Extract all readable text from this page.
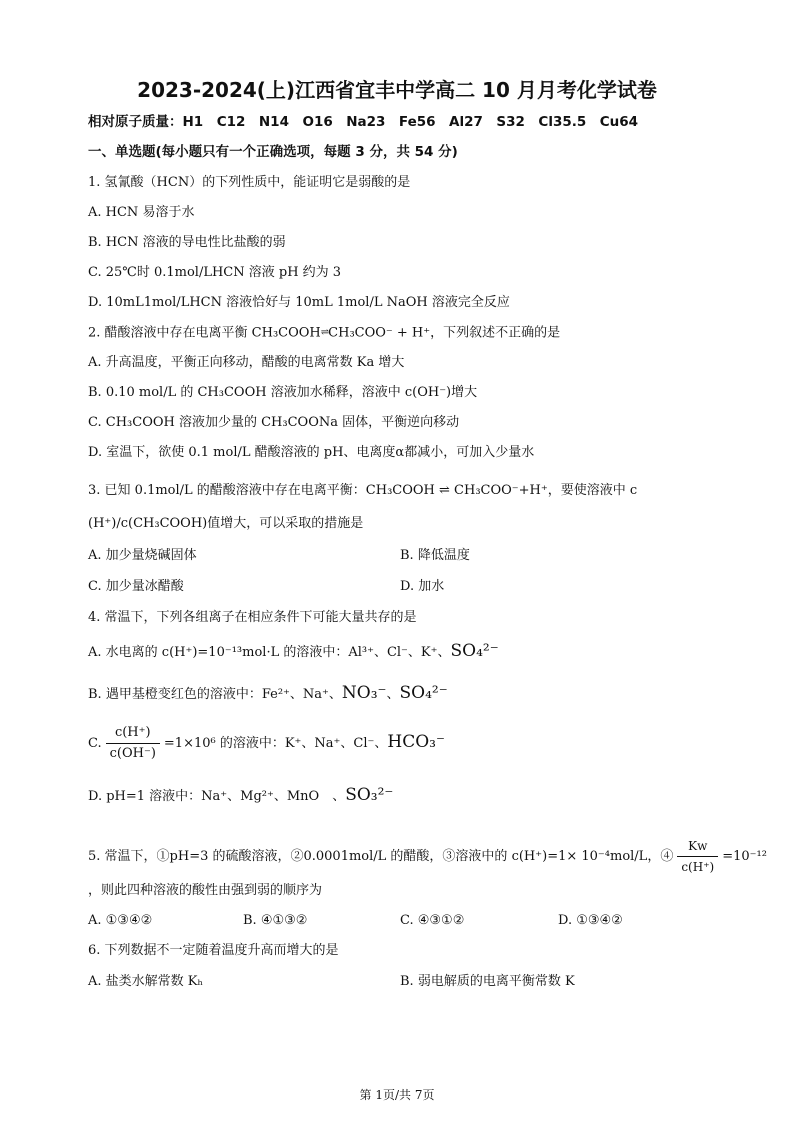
2023-2024(上)江西省宜丰中学高二 10 月月考化学试卷
相对原子质量：H1　C12　N14　O16　Na23　Fe56　Al27　S32　Cl35.5　Cu64
一、单选题(每小题只有一个正确选项，每题 3 分，共 54 分)
1. 氢氰酸（HCN）的下列性质中，能证明它是弱酸的是
A. HCN 易溶于水
B. HCN 溶液的导电性比盐酸的弱
C. 25℃时 0.1mol/LHCN 溶液 pH 约为 3
D. 10mL1mol/LHCN 溶液恰好与 10mL 1mol/L NaOH 溶液完全反应
2. 醋酸溶液中存在电离平衡 CH₃COOH⇌CH₃COO⁻ + H⁺，下列叙述不正确的是
A. 升高温度，平衡正向移动，醋酸的电离常数 Ka 增大
B. 0.10 mol/L 的 CH₃COOH 溶液加水稀释，溶液中 c(OH⁻)增大
C. CH₃COOH 溶液加少量的 CH₃COONa 固体，平衡逆向移动
D. 室温下，欲使 0.1 mol/L 醋酸溶液的 pH、电离度α都减小，可加入少量水
3. 已知 0.1mol/L 的醋酸溶液中存在电离平衡：CH₃COOH ⇌ CH₃COO⁻+H⁺，要使溶液中 c
(H⁺)/c(CH₃COOH)值增大，可以采取的措施是
A. 加少量烧碱固体	B. 降低温度
C. 加少量冰醋酸	D. 加水
4. 常温下，下列各组离子在相应条件下可能大量共存的是
A. 水电离的 c(H⁺)=10⁻¹³mol·L 的溶液中：Al³⁺、Cl⁻、K⁺、SO₄²⁻
B. 遇甲基橙变红色的溶液中：Fe²⁺、Na⁺、NO₃⁻、SO₄²⁻
C. $\frac{c(H^+)}{c(OH^-)} =1\times 10^6$ 的溶液中：K⁺、Na⁺、Cl⁻、HCO₃⁻
D. pH=1 溶液中：Na⁺、Mg²⁺、MnO　、SO₃²⁻
5. 常温下，①pH=3 的硫酸溶液，②0.0001mol/L 的醋酸，③溶液中的 c(H⁺)=1× 10⁻⁴mol/L，④ $\frac{Kw}{c(H^+)} =10^{-12}$
，则此四种溶液的酸性由强到弱的顺序为
A. ①③④②	B. ④①③②	C. ④③①②	D. ①③④②
6. 下列数据不一定随着温度升高而增大的是
A. 盐类水解常数 Kₕ	B. 弱电解质的电离平衡常数 K
第 1页/共 7页
